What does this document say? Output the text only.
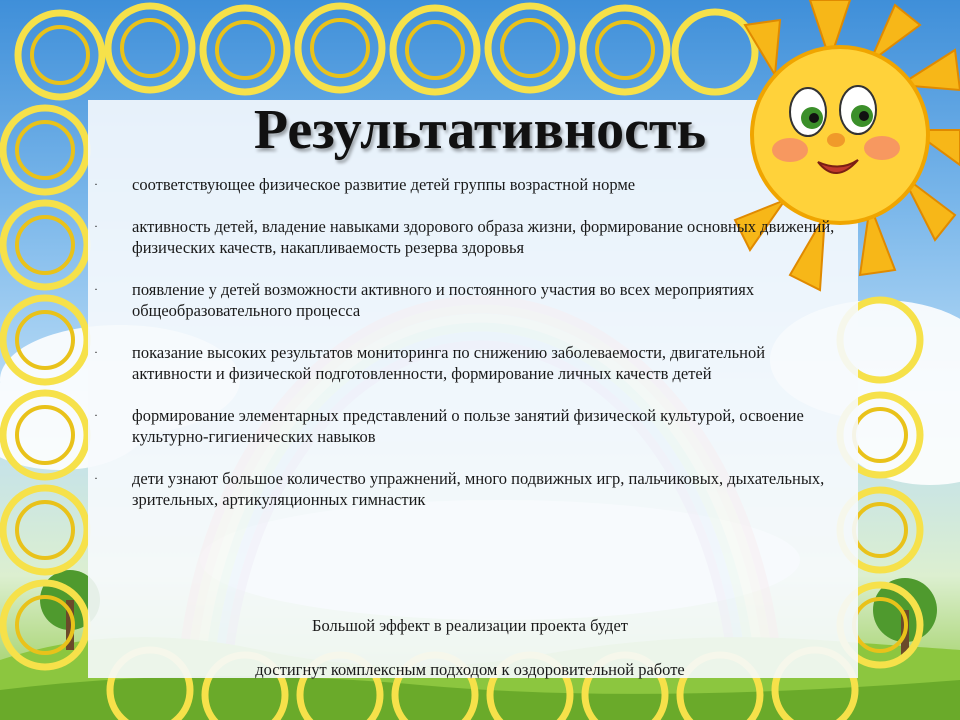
Результативность
· соответствующее физическое развитие детей группы возрастной норме
· активность детей, владение навыками здорового образа жизни, формирование основных движений, физических качеств, накапливаемость резерва здоровья
· появление у детей возможности активного и постоянного участия во всех мероприятиях общеобразовательного процесса
· показание высоких результатов мониторинга по снижению заболеваемости, двигательной активности и физической подготовленности, формирование личных качеств детей
· формирование элементарных представлений о пользе занятий физической культурой, освоение культурно-гигиенических навыков
· дети узнают большое количество упражнений, много подвижных игр, пальчиковых, дыхательных, зрительных, артикуляционных гимнастик

Большой эффект в реализации проекта будет

достигнут комплексным подходом к оздоровительной работе
